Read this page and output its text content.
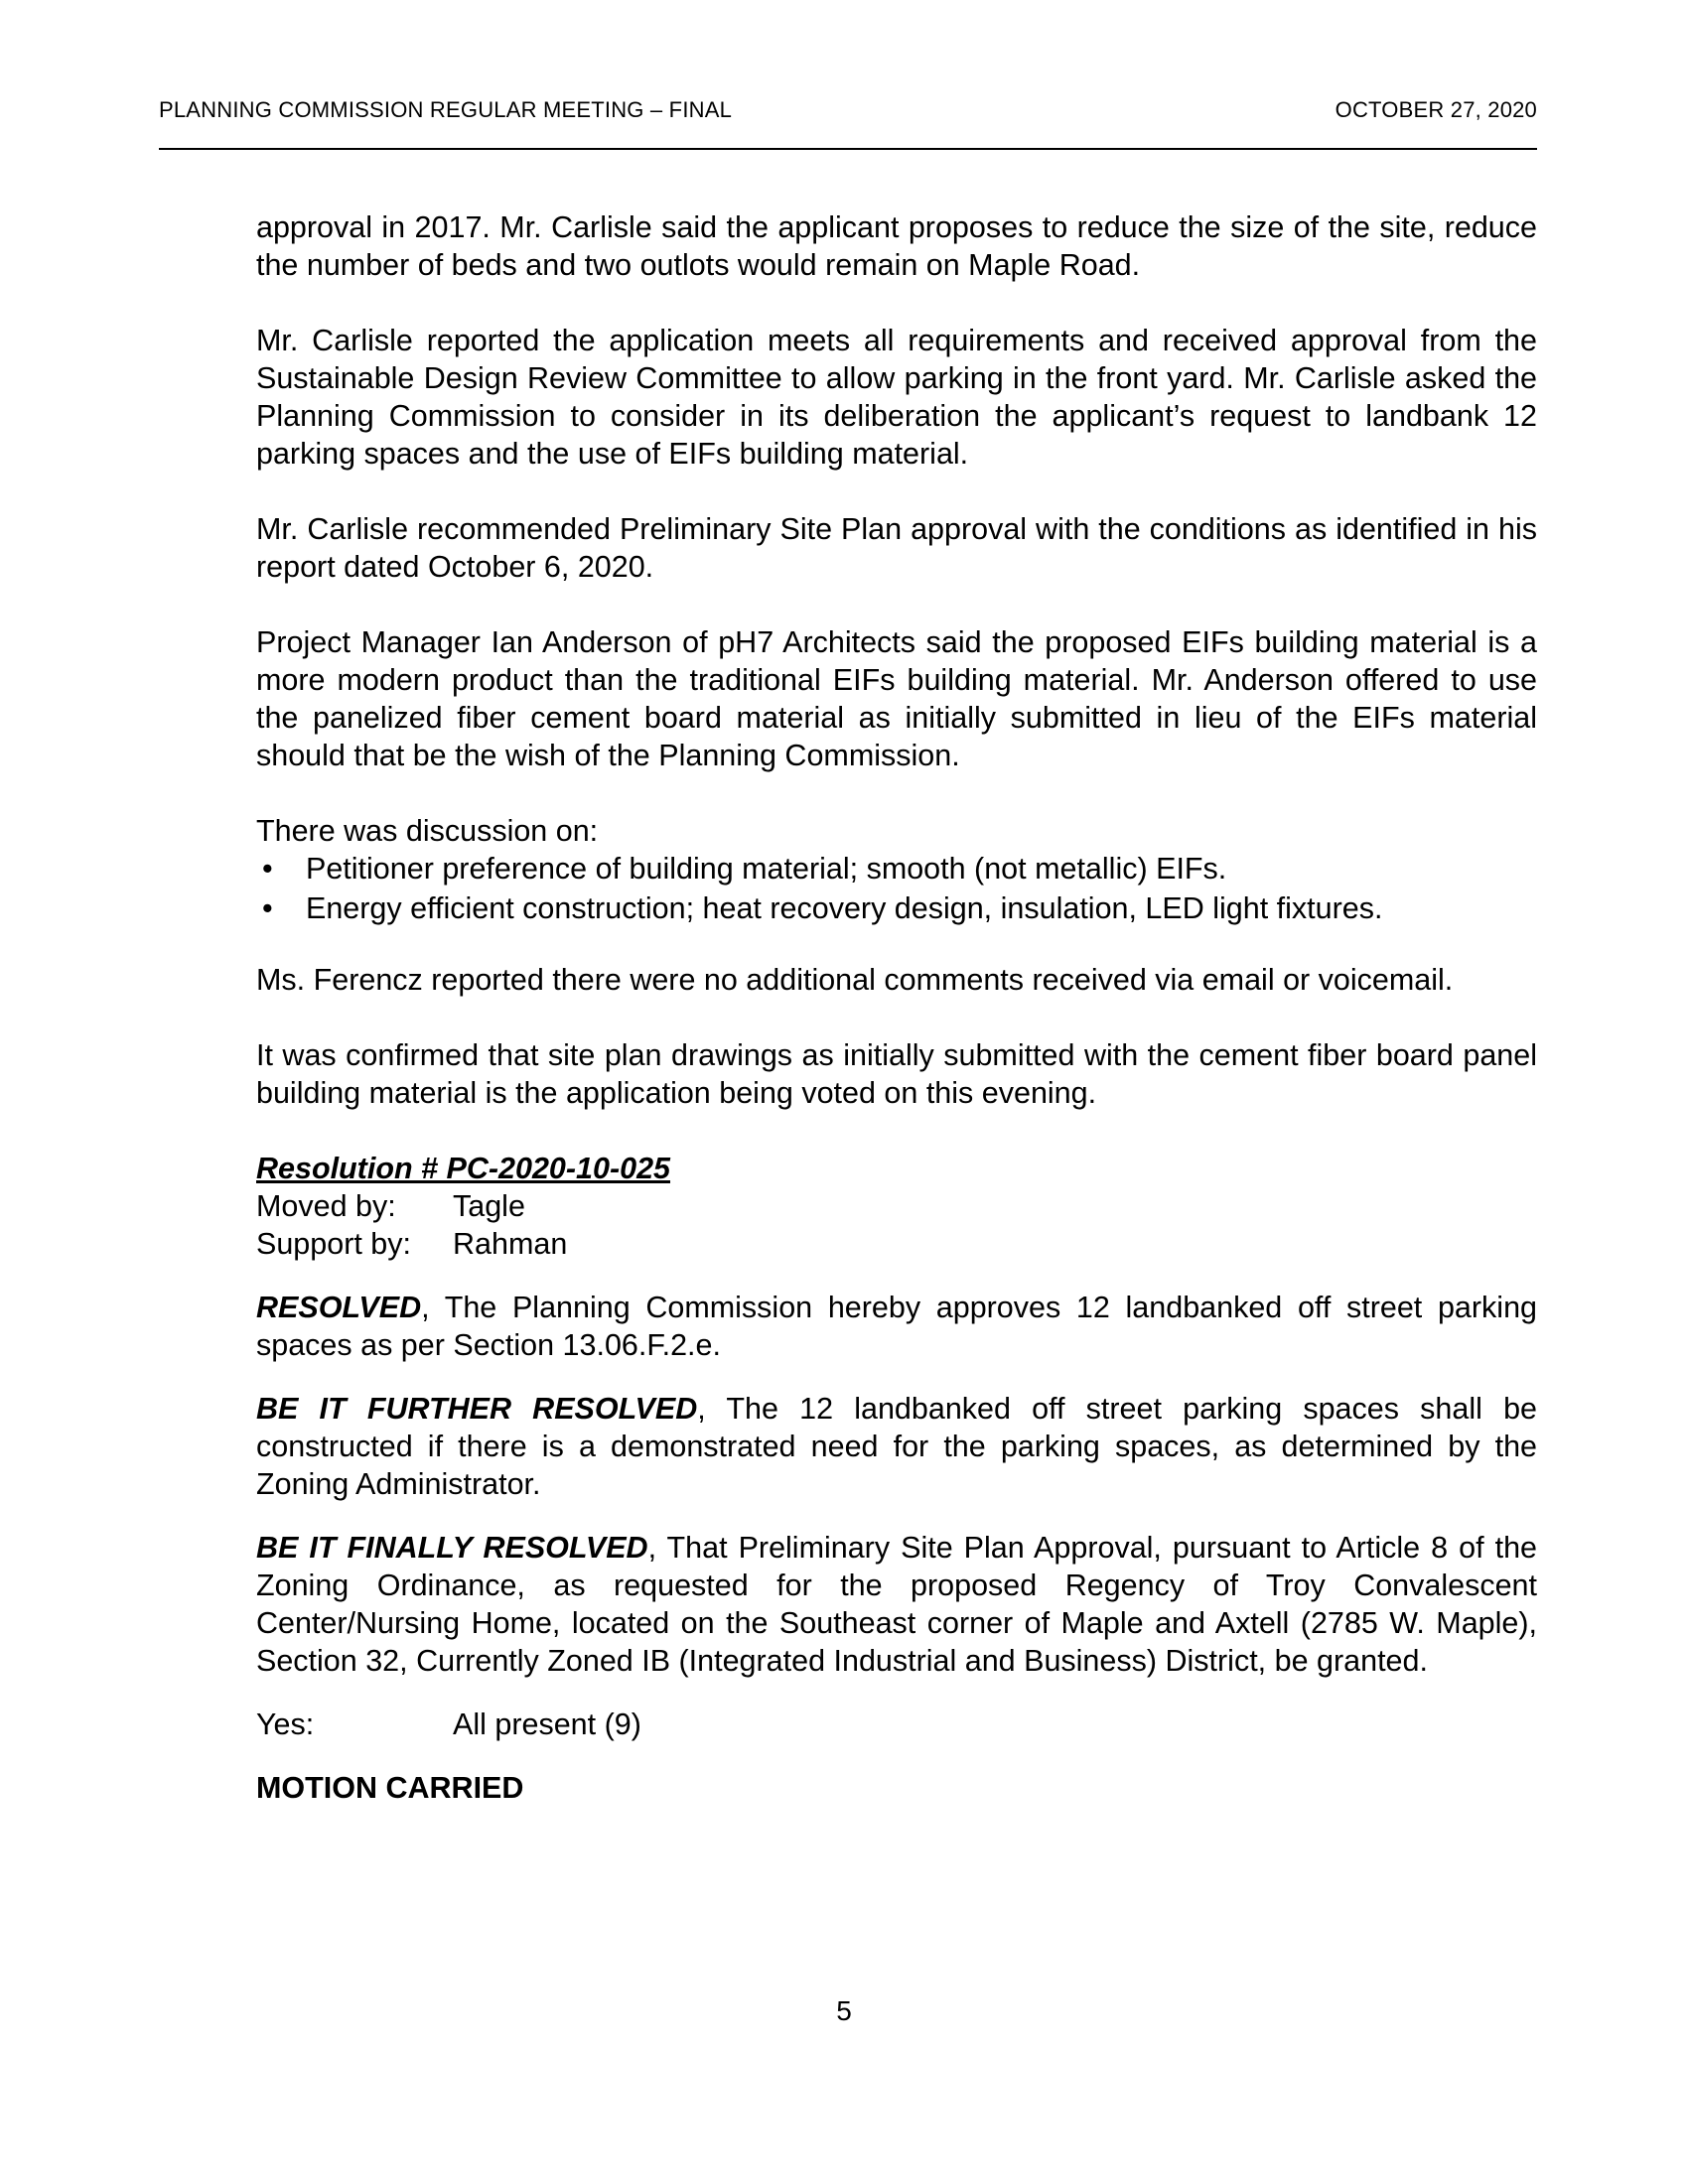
PLANNING COMMISSION REGULAR MEETING – FINAL	OCTOBER 27, 2020

approval in 2017. Mr. Carlisle said the applicant proposes to reduce the size of the site, reduce the number of beds and two outlots would remain on Maple Road.

Mr. Carlisle reported the application meets all requirements and received approval from the Sustainable Design Review Committee to allow parking in the front yard. Mr. Carlisle asked the Planning Commission to consider in its deliberation the applicant’s request to landbank 12 parking spaces and the use of EIFs building material.

Mr. Carlisle recommended Preliminary Site Plan approval with the conditions as identified in his report dated October 6, 2020.

Project Manager Ian Anderson of pH7 Architects said the proposed EIFs building material is a more modern product than the traditional EIFs building material. Mr. Anderson offered to use the panelized fiber cement board material as initially submitted in lieu of the EIFs material should that be the wish of the Planning Commission.

There was discussion on:

• Petitioner preference of building material; smooth (not metallic) EIFs.
• Energy efficient construction; heat recovery design, insulation, LED light fixtures.

Ms. Ferencz reported there were no additional comments received via email or voicemail.

It was confirmed that site plan drawings as initially submitted with the cement fiber board panel building material is the application being voted on this evening.

Resolution # PC-2020-10-025
Moved by:	Tagle
Support by:	Rahman

RESOLVED, The Planning Commission hereby approves 12 landbanked off street parking spaces as per Section 13.06.F.2.e.

BE IT FURTHER RESOLVED, The 12 landbanked off street parking spaces shall be constructed if there is a demonstrated need for the parking spaces, as determined by the Zoning Administrator.

BE IT FINALLY RESOLVED, That Preliminary Site Plan Approval, pursuant to Article 8 of the Zoning Ordinance, as requested for the proposed Regency of Troy Convalescent Center/Nursing Home, located on the Southeast corner of Maple and Axtell (2785 W. Maple), Section 32, Currently Zoned IB (Integrated Industrial and Business) District, be granted.

Yes:	All present (9)
MOTION CARRIED
5
